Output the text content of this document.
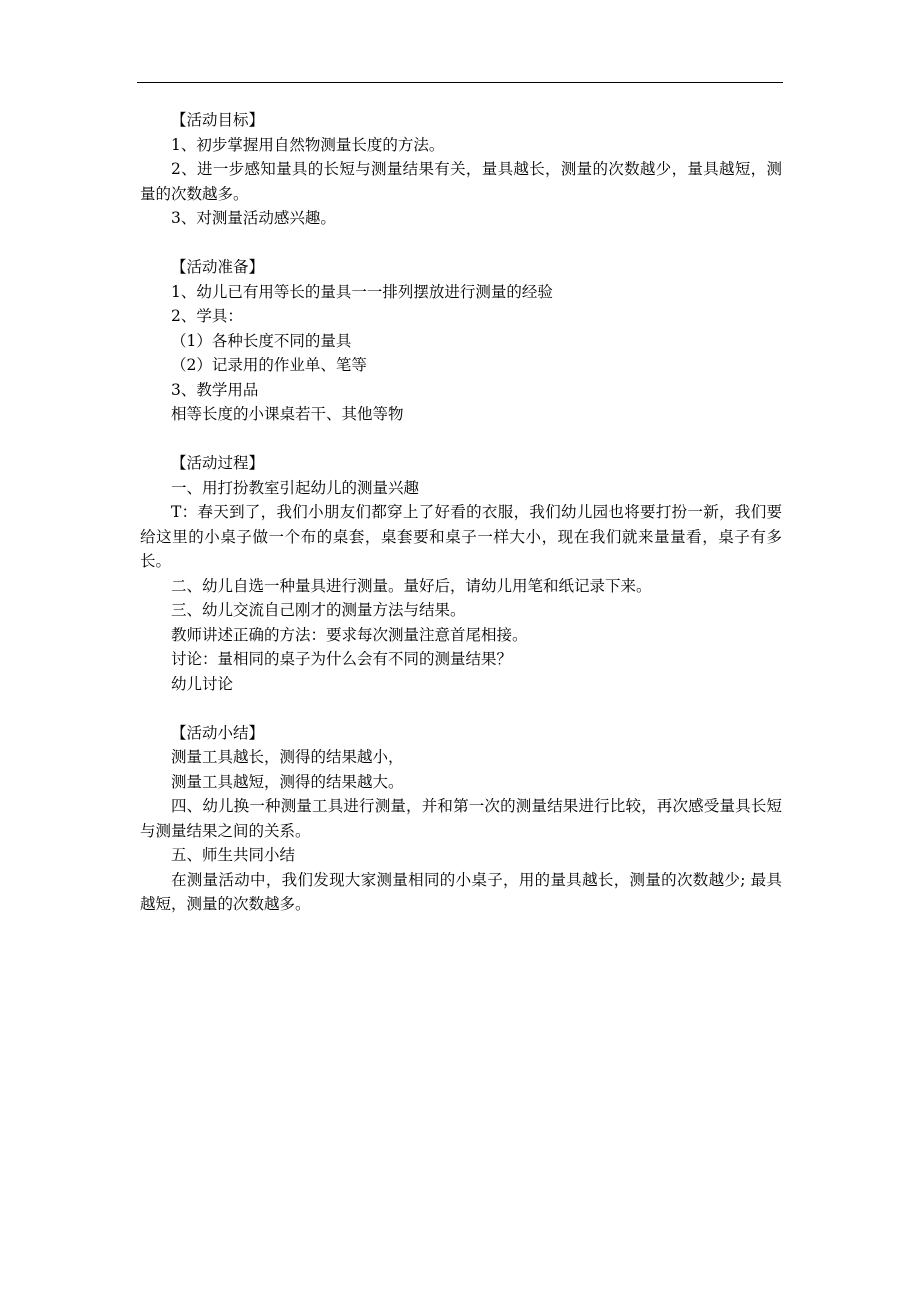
【活动目标】
1、初步掌握用自然物测量长度的方法。
2、进一步感知量具的长短与测量结果有关，量具越长，测量的次数越少，量具越短，测量的次数越多。
3、对测量活动感兴趣。
【活动准备】
1、幼儿已有用等长的量具一一排列摆放进行测量的经验
2、学具：
（1）各种长度不同的量具
（2）记录用的作业单、笔等
3、教学用品
相等长度的小课桌若干、其他等物
【活动过程】
一、用打扮教室引起幼儿的测量兴趣
T：春天到了，我们小朋友们都穿上了好看的衣服，我们幼儿园也将要打扮一新，我们要给这里的小桌子做一个布的桌套，桌套要和桌子一样大小，现在我们就来量量看，桌子有多长。
二、幼儿自选一种量具进行测量。量好后，请幼儿用笔和纸记录下来。
三、幼儿交流自己刚才的测量方法与结果。
教师讲述正确的方法：要求每次测量注意首尾相接。
讨论：量相同的桌子为什么会有不同的测量结果？
幼儿讨论
【活动小结】
测量工具越长，测得的结果越小，
测量工具越短，测得的结果越大。
四、幼儿换一种测量工具进行测量，并和第一次的测量结果进行比较，再次感受量具长短与测量结果之间的关系。
五、师生共同小结
在测量活动中，我们发现大家测量相同的小桌子，用的量具越长，测量的次数越少; 最具越短，测量的次数越多。
